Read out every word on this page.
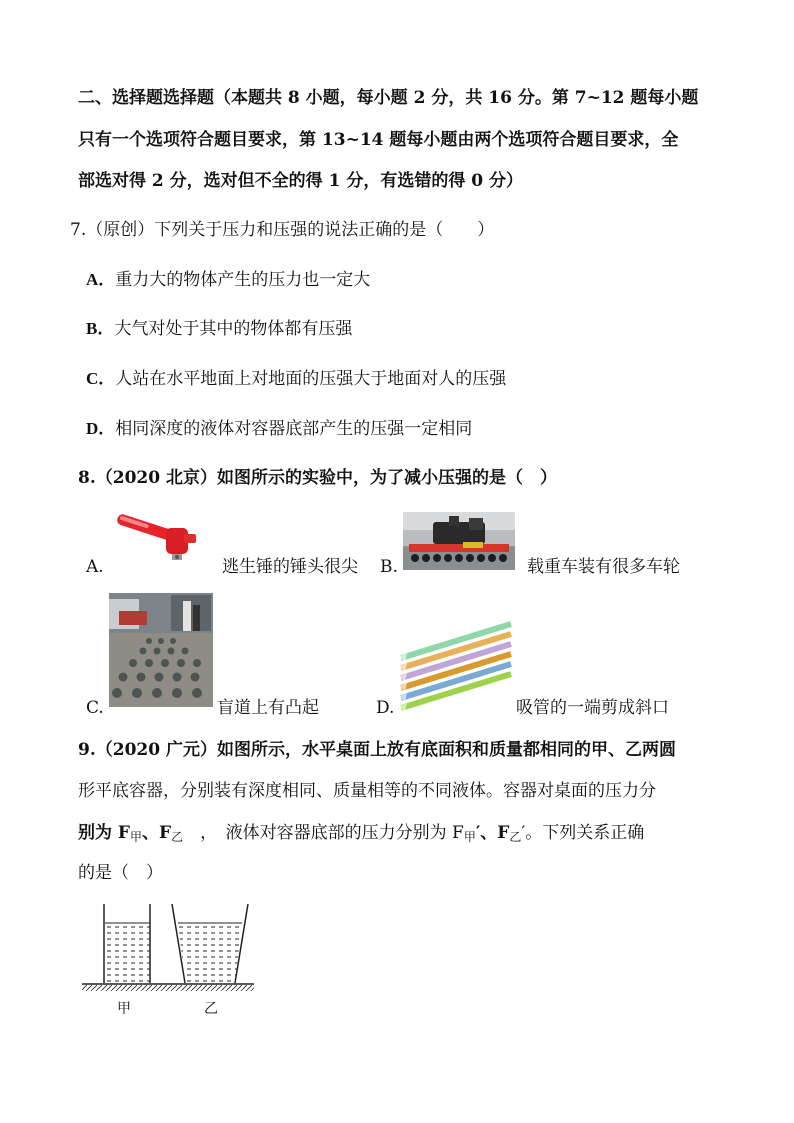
二、选择题选择题（本题共 8 小题，每小题 2 分，共 16 分。第 7~12 题每小题
只有一个选项符合题目要求，第 13~14 题每小题由两个选项符合题目要求，全
部选对得 2 分，选对但不全的得 1 分，有选错的得 0 分）
7.（原创）下列关于压力和压强的说法正确的是（　　）
A．重力大的物体产生的压力也一定大
B．大气对处于其中的物体都有压强
C．人站在水平地面上对地面的压强大于地面对人的压强
D．相同深度的液体对容器底部产生的压强一定相同
8.（2020 北京）如图所示的实验中，为了减小压强的是（　）
A.	逃生锤的锤头很尖 B.	载重车装有很多车轮
C.	盲道上有凸起	D.	吸管的一端剪成斜口
9.（2020 广元）如图所示，水平桌面上放有底面积和质量都相同的甲、乙两圆
形平底容器，分别装有深度相同、质量相等的不同液体。容器对桌面的压力分
别为 $F_甲$、$F_乙$　，　液体对容器底部的压力分别为 $F_甲'$、$F_乙'$。下列关系正确
的是（　）
甲	乙
